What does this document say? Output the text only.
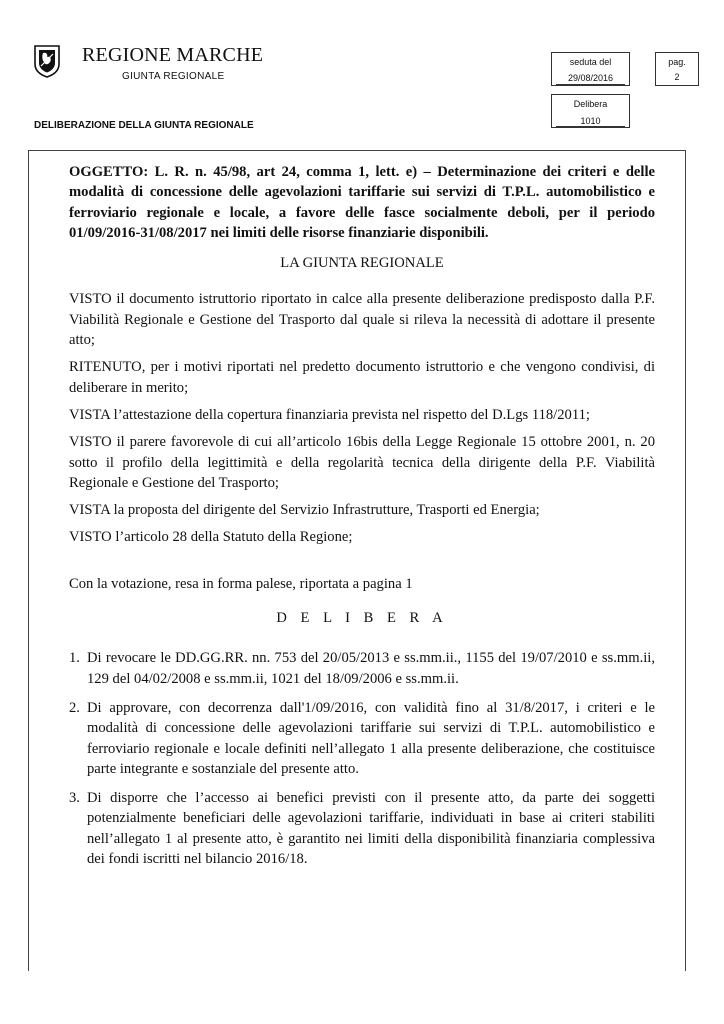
REGIONE MARCHE
GIUNTA REGIONALE
DELIBERAZIONE DELLA GIUNTA REGIONALE
seduta del
29/08/2016
pag.
2
Delibera
1010

OGGETTO: L. R. n. 45/98, art 24, comma 1, lett. e) – Determinazione dei criteri e delle modalità di concessione delle agevolazioni tariffarie sui servizi di T.P.L. automobilistico e ferroviario regionale e locale, a favore delle fasce socialmente deboli, per il periodo 01/09/2016-31/08/2017 nei limiti delle risorse finanziarie disponibili.

LA GIUNTA REGIONALE

VISTO il documento istruttorio riportato in calce alla presente deliberazione predisposto dalla P.F. Viabilità Regionale e Gestione del Trasporto dal quale si rileva la necessità di adottare il presente atto;

RITENUTO, per i motivi riportati nel predetto documento istruttorio e che vengono condivisi, di deliberare in merito;

VISTA l’attestazione della copertura finanziaria prevista nel rispetto del D.Lgs 118/2011;

VISTO il parere favorevole di cui all’articolo 16bis della Legge Regionale 15 ottobre 2001, n. 20 sotto il profilo della legittimità e della regolarità tecnica della dirigente della P.F. Viabilità Regionale e Gestione del Trasporto;

VISTA la proposta del dirigente del Servizio Infrastrutture, Trasporti ed Energia;

VISTO l’articolo 28 della Statuto della Regione;

Con la votazione, resa in forma palese, riportata a pagina 1

D E L I B E R A

1. Di revocare le DD.GG.RR. nn. 753 del 20/05/2013 e ss.mm.ii., 1155 del 19/07/2010 e ss.mm.ii, 129 del 04/02/2008 e ss.mm.ii, 1021 del 18/09/2006 e ss.mm.ii.
2. Di approvare, con decorrenza dall'1/09/2016, con validità fino al 31/8/2017, i criteri e le modalità di concessione delle agevolazioni tariffarie sui servizi di T.P.L. automobilistico e ferroviario regionale e locale definiti nell’allegato 1 alla presente deliberazione, che costituisce parte integrante e sostanziale del presente atto.
3. Di disporre che l’accesso ai benefici previsti con il presente atto, da parte dei soggetti potenzialmente beneficiari delle agevolazioni tariffarie, individuati in base ai criteri stabiliti nell’allegato 1 al presente atto, è garantito nei limiti della disponibilità finanziaria complessiva dei fondi iscritti nel bilancio 2016/18.
